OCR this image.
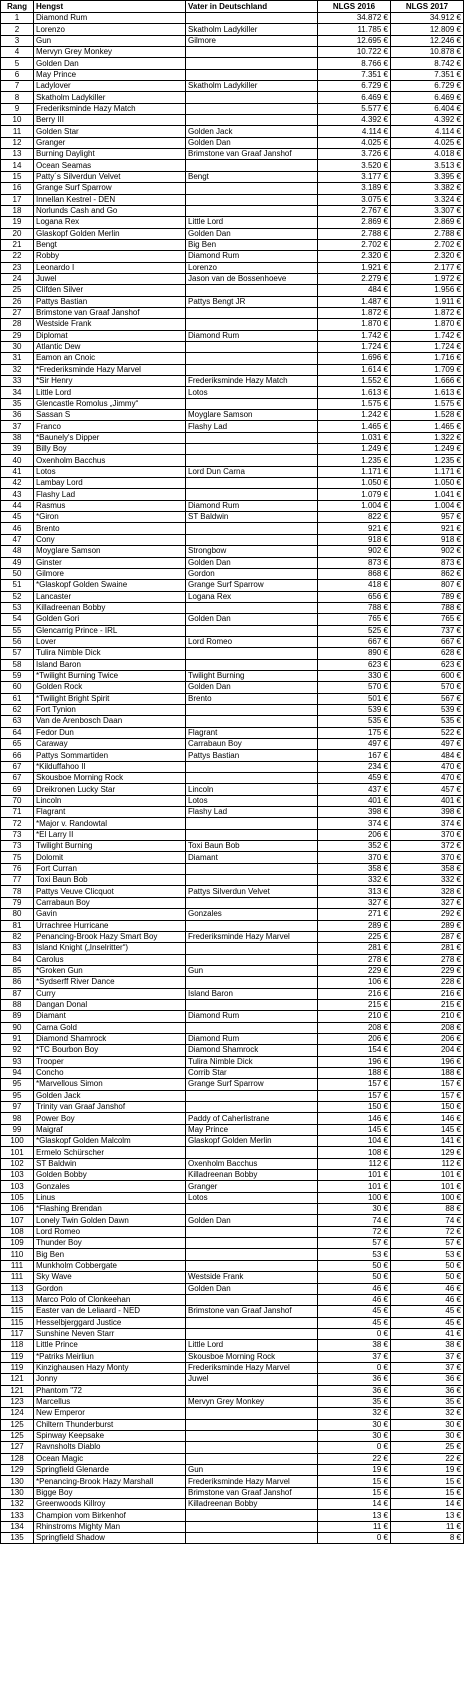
Rang	Hengst	Vater in Deutschland	NLGS 2016	NLGS 2017
1	Diamond Rum		34.872 €	34.912 €
2	Lorenzo	Skatholm Ladykiller	11.785 €	12.809 €
3	Gun	Gilmore	12.695 €	12.246 €
4	Mervyn Grey Monkey		10.722 €	10.878 €
5	Golden Dan		8.766 €	8.742 €
6	May Prince		7.351 €	7.351 €
7	Ladylover	Skatholm Ladykiller	6.729 €	6.729 €
8	Skatholm Ladykiller		6.469 €	6.469 €
9	Frederiksminde Hazy Match		5.577 €	6.404 €
10	Berry III		4.392 €	4.392 €
11	Golden Star	Golden Jack	4.114 €	4.114 €
12	Granger	Golden Dan	4.025 €	4.025 €
13	Burning Daylight	Brimstone van Graaf Janshof	3.726 €	4.018 €
14	Ocean Seamas		3.520 €	3.513 €
15	Patty´s Silverdun Velvet	Bengt	3.177 €	3.395 €
16	Grange Surf Sparrow		3.189 €	3.382 €
17	Innellan Kestrel - DEN		3.075 €	3.324 €
18	Norlunds Cash and Go		2.767 €	3.307 €
19	Logana Rex	Little Lord	2.869 €	2.869 €
20	Glaskopf Golden Merlin	Golden Dan	2.788 €	2.788 €
21	Bengt	Big Ben	2.702 €	2.702 €
22	Robby	Diamond Rum	2.320 €	2.320 €
23	Leonardo I	Lorenzo	1.921 €	2.177 €
24	Juwel	Jason van de Bossenhoeve	2.279 €	1.972 €
25	Clifden Silver		484 €	1.956 €
26	Pattys Bastian	Pattys Bengt JR	1.487 €	1.911 €
27	Brimstone van Graaf Janshof		1.872 €	1.872 €
28	Westside Frank		1.870 €	1.870 €
29	Diplomat	Diamond Rum	1.742 €	1.742 €
30	Atlantic Dew		1.724 €	1.724 €
31	Eamon an Cnoic		1.696 €	1.716 €
32	*Frederiksminde Hazy Marvel		1.614 €	1.709 €
33	*Sir Henry	Frederiksminde Hazy Match	1.552 €	1.666 €
34	Little Lord	Lotos	1.613 €	1.613 €
35	Glencastle Romolus „Jimmy“		1.575 €	1.575 €
36	Sassan S	Moyglare Samson	1.242 €	1.528 €
37	Franco	Flashy Lad	1.465 €	1.465 €
38	*Baunely's Dipper		1.031 €	1.322 €
39	Billy Boy		1.249 €	1.249 €
40	Oxenholm Bacchus		1.235 €	1.235 €
41	Lotos	Lord Dun Carna	1.171 €	1.171 €
42	Lambay Lord		1.050 €	1.050 €
43	Flashy Lad		1.079 €	1.041 €
44	Rasmus	Diamond Rum	1.004 €	1.004 €
45	*Giron	ST Baldwin	822 €	957 €
46	Brento		921 €	921 €
47	Cony		918 €	918 €
48	Moyglare Samson	Strongbow	902 €	902 €
49	Ginster	Golden Dan	873 €	873 €
50	Gilmore	Gordon	868 €	862 €
51	*Glaskopf Golden Swaine	Grange Surf Sparrow	418 €	807 €
52	Lancaster	Logana Rex	656 €	789 €
53	Killadreenan Bobby		788 €	788 €
54	Golden Gori	Golden Dan	765 €	765 €
55	Glencarrig Prince - IRL		525 €	737 €
56	Lover	Lord Romeo	667 €	667 €
57	Tulira Nimble Dick		890 €	628 €
58	Island Baron		623 €	623 €
59	*Twilight Burning Twice	Twilight Burning	330 €	600 €
60	Golden Rock	Golden Dan	570 €	570 €
61	*Twilight Bright Spirit	Brento	501 €	567 €
62	Fort Tynion		539 €	539 €
63	Van de Arenbosch Daan		535 €	535 €
64	Fedor Dun	Flagrant	175 €	522 €
65	Caraway	Carrabaun Boy	497 €	497 €
66	Pattys Sommartiden	Pattys Bastian	167 €	484 €
67	*Kilduffahoo II		234 €	470 €
67	Skousboe Morning Rock		459 €	470 €
69	Dreikronen Lucky Star	Lincoln	437 €	457 €
70	Lincoln	Lotos	401 €	401 €
71	Flagrant	Flashy Lad	398 €	398 €
72	*Major v. Randowtal		374 €	374 €
73	*El Larry II		206 €	370 €
73	Twilight Burning	Toxi Baun Bob	352 €	372 €
75	Dolomit	Diamant	370 €	370 €
76	Fort Curran		358 €	358 €
77	Toxi Baun Bob		332 €	332 €
78	Pattys Veuve Clicquot	Pattys Silverdun Velvet	313 €	328 €
79	Carrabaun Boy		327 €	327 €
80	Gavin	Gonzales	271 €	292 €
81	Urrachree Hurricane		289 €	289 €
82	Penancing-Brook Hazy Smart Boy	Frederiksminde Hazy Marvel	225 €	287 €
83	Island Knight („Inselritter“)		281 €	281 €
84	Carolus		278 €	278 €
85	*Groken Gun	Gun	229 €	229 €
86	*Sydserff River Dance		106 €	228 €
87	Curry	Island Baron	216 €	216 €
88	Dangan Donal		215 €	215 €
89	Diamant	Diamond Rum	210 €	210 €
90	Carna Gold		208 €	208 €
91	Diamond Shamrock	Diamond Rum	206 €	206 €
92	*TC Bourbon Boy	Diamond Shamrock	154 €	204 €
93	Trooper	Tulira Nimble Dick	196 €	196 €
94	Concho	Corrib Star	188 €	188 €
95	*Marvellous Simon	Grange Surf Sparrow	157 €	157 €
95	Golden Jack		157 €	157 €
97	Trinity van Graaf Janshof		150 €	150 €
98	Power Boy	Paddy of Caherlistrane	146 €	146 €
99	Maigraf	May Prince	145 €	145 €
100	*Glaskopf Golden Malcolm	Glaskopf Golden Merlin	104 €	141 €
101	Ermelo Schürscher		108 €	129 €
102	ST Baldwin	Oxenholm Bacchus	112 €	112 €
103	Golden Bobby	Killadreenan Bobby	101 €	101 €
103	Gonzales	Granger	101 €	101 €
105	Linus	Lotos	100 €	100 €
106	*Flashing Brendan		30 €	88 €
107	Lonely Twin Golden Dawn	Golden Dan	74 €	74 €
108	Lord Romeo		72 €	72 €
109	Thunder Boy		57 €	57 €
110	Big Ben		53 €	53 €
111	Munkholm Cobbergate		50 €	50 €
111	Sky Wave	Westside Frank	50 €	50 €
113	Gordon	Golden Dan	46 €	46 €
113	Marco Polo of Clonkeehan		46 €	46 €
115	Easter van de Leliaard - NED	Brimstone van Graaf Janshof	45 €	45 €
115	Hesselbjerggard Justice		45 €	45 €
117	Sunshine Neven Starr		0 €	41 €
118	Little Prince	Little Lord	38 €	38 €
119	*Patriks Meirliun	Skousboe Morning Rock	37 €	37 €
119	Kinzighausen Hazy Monty	Frederiksminde Hazy Marvel	0 €	37 €
121	Jonny	Juwel	36 €	36 €
121	Phantom "72		36 €	36 €
123	Marcellus	Mervyn Grey Monkey	35 €	35 €
124	New Emperor		32 €	32 €
125	Chiltern Thunderburst		30 €	30 €
125	Spinway Keepsake		30 €	30 €
127	Ravnsholts Diablo		0 €	25 €
128	Ocean Magic		22 €	22 €
129	Springfield Glenarde	Gun	19 €	19 €
130	*Penancing-Brook Hazy Marshall	Frederiksminde Hazy Marvel	15 €	15 €
130	Bigge Boy	Brimstone van Graaf Janshof	15 €	15 €
132	Greenwoods Killroy	Killadreenan Bobby	14 €	14 €
133	Champion vom Birkenhof		13 €	13 €
134	Rhinstroms Mighty Man		11 €	11 €
135	Springfield Shadow		0 €	8 €
